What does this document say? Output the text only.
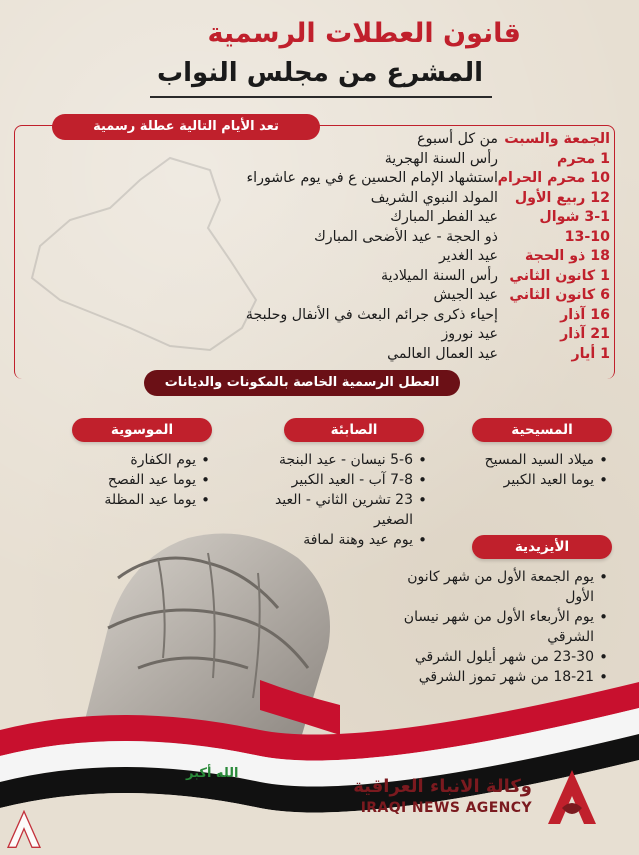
قانون العطلات الرسمية
المشرع من مجلس النواب
تعد الأيام التالية عطلة رسمية
الجمعة والسبت
من كل أسبوع
1 محرم
رأس السنة الهجرية
10 محرم الحرام
استشهاد الإمام الحسين ع في يوم عاشوراء
12 ربيع الأول
المولد النبوي الشريف
3-1 شوال
عيد الفطر المبارك
13-10
ذو الحجة - عيد الأضحى المبارك
18 ذو الحجة
عيد الغدير
1 كانون الثاني
رأس السنة الميلادية
6 كانون الثاني
عيد الجيش
16 آذار
إحياء ذكرى جرائم البعث في الأنفال وحلبجة
21 آذار
عيد نوروز
1 أيار
عيد العمال العالمي
العطل الرسمية الخاصة بالمكونات والديانات
المسيحية
الصابئة
الموسوية
• ميلاد السيد المسيح
• يوما العيد الكبير
• 5-6 نيسان - عيد البنجة
• 7-8 آب - العيد الكبير
• 23 تشرين الثاني - العيد الصغير
• يوم عيد وهنة لمافة
• يوم الكفارة
• يوما عيد الفصح
• يوما عيد المظلة
الأيزيدية
• يوم الجمعة الأول من شهر كانون الأول
• يوم الأربعاء الأول من شهر نيسان الشرقي
• 23-30 من شهر أيلول الشرقي
• 18-21 من شهر تموز الشرقي
الله أكبر
وكالة الانباء العراقية
IRAQI NEWS AGENCY
